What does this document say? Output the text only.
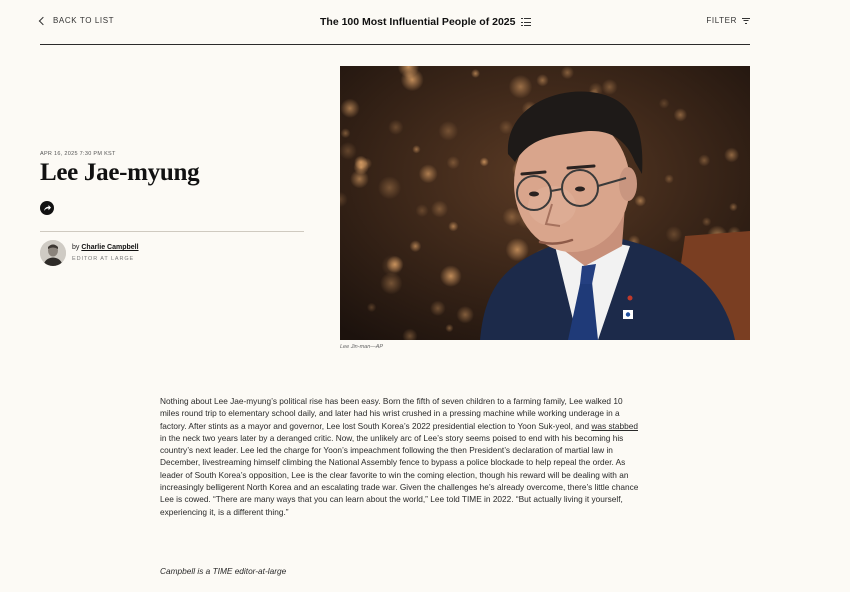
BACK TO LIST	The 100 Most Influential People of 2025	FILTER
APR 16, 2025 7:30 PM KST
Lee Jae-myung
by Charlie Campbell
EDITOR AT LARGE
Lee Jin-man—AP

Nothing about Lee Jae-myung’s political rise has been easy. Born the fifth of seven children to a farming family, Lee walked 10 miles round trip to elementary school daily, and later had his wrist crushed in a pressing machine while working underage in a factory. After stints as a mayor and governor, Lee lost South Korea’s 2022 presidential election to Yoon Suk-yeol, and was stabbed in the neck two years later by a deranged critic. Now, the unlikely arc of Lee’s story seems poised to end with his becoming his country’s next leader. Lee led the charge for Yoon’s impeachment following the then President’s declaration of martial law in December, livestreaming himself climbing the National Assembly fence to bypass a police blockade to help repeal the order. As leader of South Korea’s opposition, Lee is the clear favorite to win the coming election, though his reward will be dealing with an increasingly belligerent North Korea and an escalating trade war. Given the challenges he’s already overcome, there’s little chance Lee is cowed. “There are many ways that you can learn about the world,” Lee told TIME in 2022. “But actually living it yourself, experiencing it, is a different thing.”

Campbell is a TIME editor-at-large
